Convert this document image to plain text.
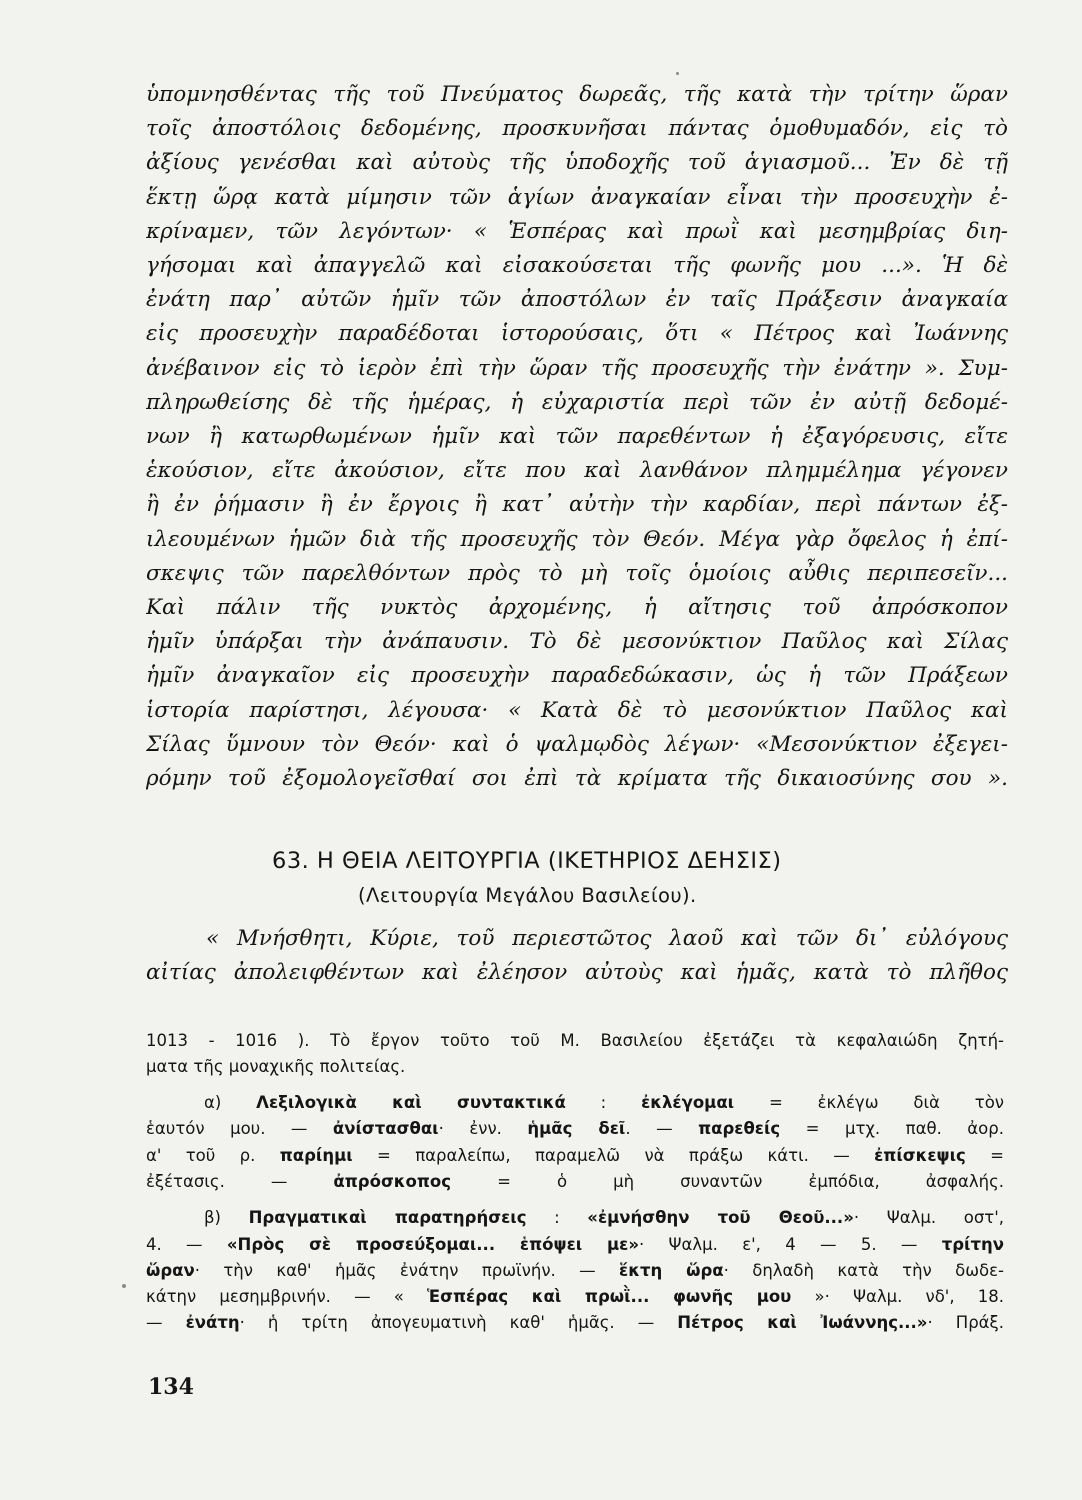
ὑπομνησθέντας τῆς τοῦ Πνεύματος δωρεᾶς, τῆς κατὰ τὴν τρίτην ὥραν
τοῖς ἀποστόλοις δεδομένης, προσκυνῆσαι πάντας ὁμοθυμαδόν, εἰς τὸ
ἀξίους γενέσθαι καὶ αὐτοὺς τῆς ὑποδοχῆς τοῦ ἁγιασμοῦ... Ἐν δὲ τῇ
ἕκτῃ ὥρᾳ κατὰ μίμησιν τῶν ἁγίων ἀναγκαίαν εἶναι τὴν προσευχὴν ἐ-
κρίναμεν, τῶν λεγόντων· « Ἑσπέρας καὶ πρωῒ καὶ μεσημβρίας διη-
γήσομαι καὶ ἀπαγγελῶ καὶ εἰσακούσεται τῆς φωνῆς μου ...». Ἡ δὲ
ἐνάτη παρ᾿ αὐτῶν ἡμῖν τῶν ἀποστόλων ἐν ταῖς Πράξεσιν ἀναγκαία
εἰς προσευχὴν παραδέδοται ἱστορούσαις, ὅτι « Πέτρος καὶ Ἰωάννης
ἀνέβαινον εἰς τὸ ἱερὸν ἐπὶ τὴν ὥραν τῆς προσευχῆς τὴν ἐνάτην ». Συμ-
πληρωθείσης δὲ τῆς ἡμέρας, ἡ εὐχαριστία περὶ τῶν ἐν αὐτῇ δεδομέ-
νων ἢ κατωρθωμένων ἡμῖν καὶ τῶν παρεθέντων ἡ ἐξαγόρευσις, εἴτε
ἑκούσιον, εἴτε ἀκούσιον, εἴτε που καὶ λανθάνον πλημμέλημα γέγονεν
ἢ ἐν ῥήμασιν ἢ ἐν ἔργοις ἢ κατ᾿ αὐτὴν τὴν καρδίαν, περὶ πάντων ἐξ-
ιλεουμένων ἡμῶν διὰ τῆς προσευχῆς τὸν Θεόν. Μέγα γὰρ ὄφελος ἡ ἐπί-
σκεψις τῶν παρελθόντων πρὸς τὸ μὴ τοῖς ὁμοίοις αὖθις περιπεσεῖν...
Καὶ πάλιν τῆς νυκτὸς ἀρχομένης, ἡ αἴτησις τοῦ ἀπρόσκοπον
ἡμῖν ὑπάρξαι τὴν ἀνάπαυσιν. Τὸ δὲ μεσονύκτιον Παῦλος καὶ Σίλας
ἡμῖν ἀναγκαῖον εἰς προσευχὴν παραδεδώκασιν, ὡς ἡ τῶν Πράξεων
ἱστορία παρίστησι, λέγουσα· « Κατὰ δὲ τὸ μεσονύκτιον Παῦλος καὶ
Σίλας ὕμνουν τὸν Θεόν· καὶ ὁ ψαλμῳδὸς λέγων· «Μεσονύκτιον ἐξεγει-
ρόμην τοῦ ἐξομολογεῖσθαί σοι ἐπὶ τὰ κρίματα τῆς δικαιοσύνης σου ».
63. Η ΘΕΙΑ ΛΕΙΤΟΥΡΓΙΑ (ΙΚΕΤΗΡΙΟΣ ΔΕΗΣΙΣ)
(Λειτουργία Μεγάλου Βασιλείου).
« Μνήσθητι, Κύριε, τοῦ περιεστῶτος λαοῦ καὶ τῶν δι᾿ εὐλόγους
αἰτίας ἀπολειφθέντων καὶ ἐλέησον αὐτοὺς καὶ ἡμᾶς, κατὰ τὸ πλῆθος
1013 - 1016 ). Τὸ ἔργον τοῦτο τοῦ Μ. Βασιλείου ἐξετάζει τὰ κεφαλαιώδη ζητή-
ματα τῆς μοναχικῆς πολιτείας.
α) Λεξιλογικὰ καὶ συντακτικά : ἐκλέγομαι = ἐκλέγω διὰ τὸν
ἑαυτόν μου. — ἀνίστασθαι· ἐνν. ἡμᾶς δεῖ. — παρεθείς = μτχ. παθ. ἀορ.
α' τοῦ ρ. παρίημι = παραλείπω, παραμελῶ νὰ πράξω κάτι. — ἐπίσκεψις =
ἐξέτασις. — ἀπρόσκοπος = ὁ μὴ συναντῶν ἐμπόδια, ἀσφαλής.
β) Πραγματικαὶ παρατηρήσεις : «ἐμνήσθην τοῦ Θεοῦ...»· Ψαλμ. οστ',
4. — «Πρὸς σὲ προσεύξομαι... ἑπόψει με»· Ψαλμ. ε', 4 — 5. — τρίτην
ὥραν· τὴν καθ' ἡμᾶς ἐνάτην πρωϊνήν. — ἕκτη ὥρα· δηλαδὴ κατὰ τὴν δωδε-
κάτην μεσημβρινήν. — « Ἑσπέρας καὶ πρωῒ... φωνῆς μου »· Ψαλμ. νδ', 18.
— ἐνάτη· ἡ τρίτη ἀπογευματινὴ καθ' ἡμᾶς. — Πέτρος καὶ Ἰωάννης...»· Πράξ.
134
